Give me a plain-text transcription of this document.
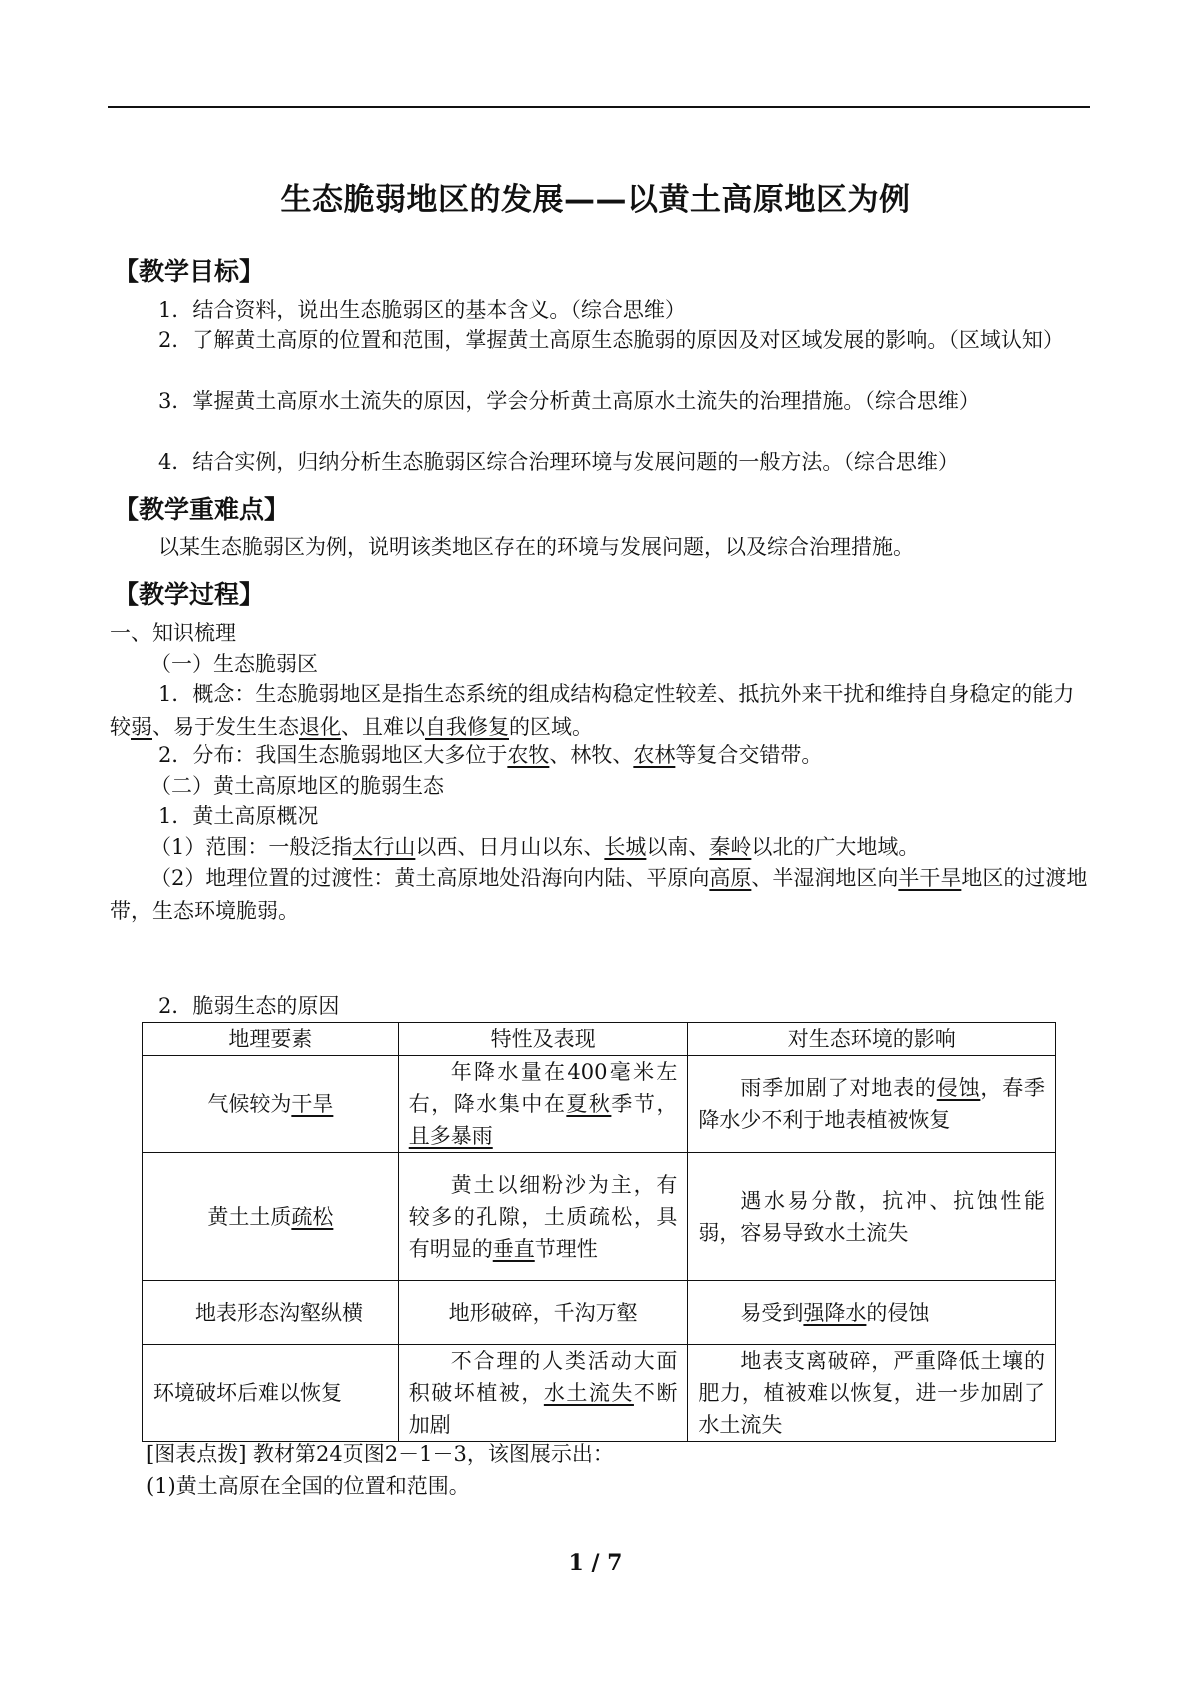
生态脆弱地区的发展——以黄土高原地区为例
【教学目标】
1．结合资料，说出生态脆弱区的基本含义。（综合思维）
2．了解黄土高原的位置和范围，掌握黄土高原生态脆弱的原因及对区域发展的影响。（区域认知）
3．掌握黄土高原水土流失的原因，学会分析黄土高原水土流失的治理措施。（综合思维）
4．结合实例，归纳分析生态脆弱区综合治理环境与发展问题的一般方法。（综合思维）
【教学重难点】
以某生态脆弱区为例，说明该类地区存在的环境与发展问题，以及综合治理措施。
【教学过程】
一、知识梳理
（一）生态脆弱区
1．概念：生态脆弱地区是指生态系统的组成结构稳定性较差、抵抗外来干扰和维持自身稳定的能力较弱、易于发生生态退化、且难以自我修复的区域。
2．分布：我国生态脆弱地区大多位于农牧、林牧、农林等复合交错带。
（二）黄土高原地区的脆弱生态
1．黄土高原概况
（1）范围：一般泛指太行山以西、日月山以东、长城以南、秦岭以北的广大地域。
（2）地理位置的过渡性：黄土高原地处沿海向内陆、平原向高原、半湿润地区向半干旱地区的过渡地带，生态环境脆弱。
2．脆弱生态的原因
地理要素	特性及表现	对生态环境的影响
气候较为干旱	年降水量在400毫米左右，降水集中在夏秋季节，且多暴雨	雨季加剧了对地表的侵蚀，春季降水少不利于地表植被恢复
黄土土质疏松	黄土以细粉沙为主，有较多的孔隙，土质疏松，具有明显的垂直节理性	遇水易分散，抗冲、抗蚀性能弱，容易导致水土流失
地表形态沟壑纵横	地形破碎，千沟万壑	易受到强降水的侵蚀
环境破坏后难以恢复	不合理的人类活动大面积破坏植被，水土流失不断加剧	地表支离破碎，严重降低土壤的肥力，植被难以恢复，进一步加剧了水土流失
[图表点拨] 教材第24页图2－1－3，该图展示出：
(1)黄土高原在全国的位置和范围。
1 / 7
